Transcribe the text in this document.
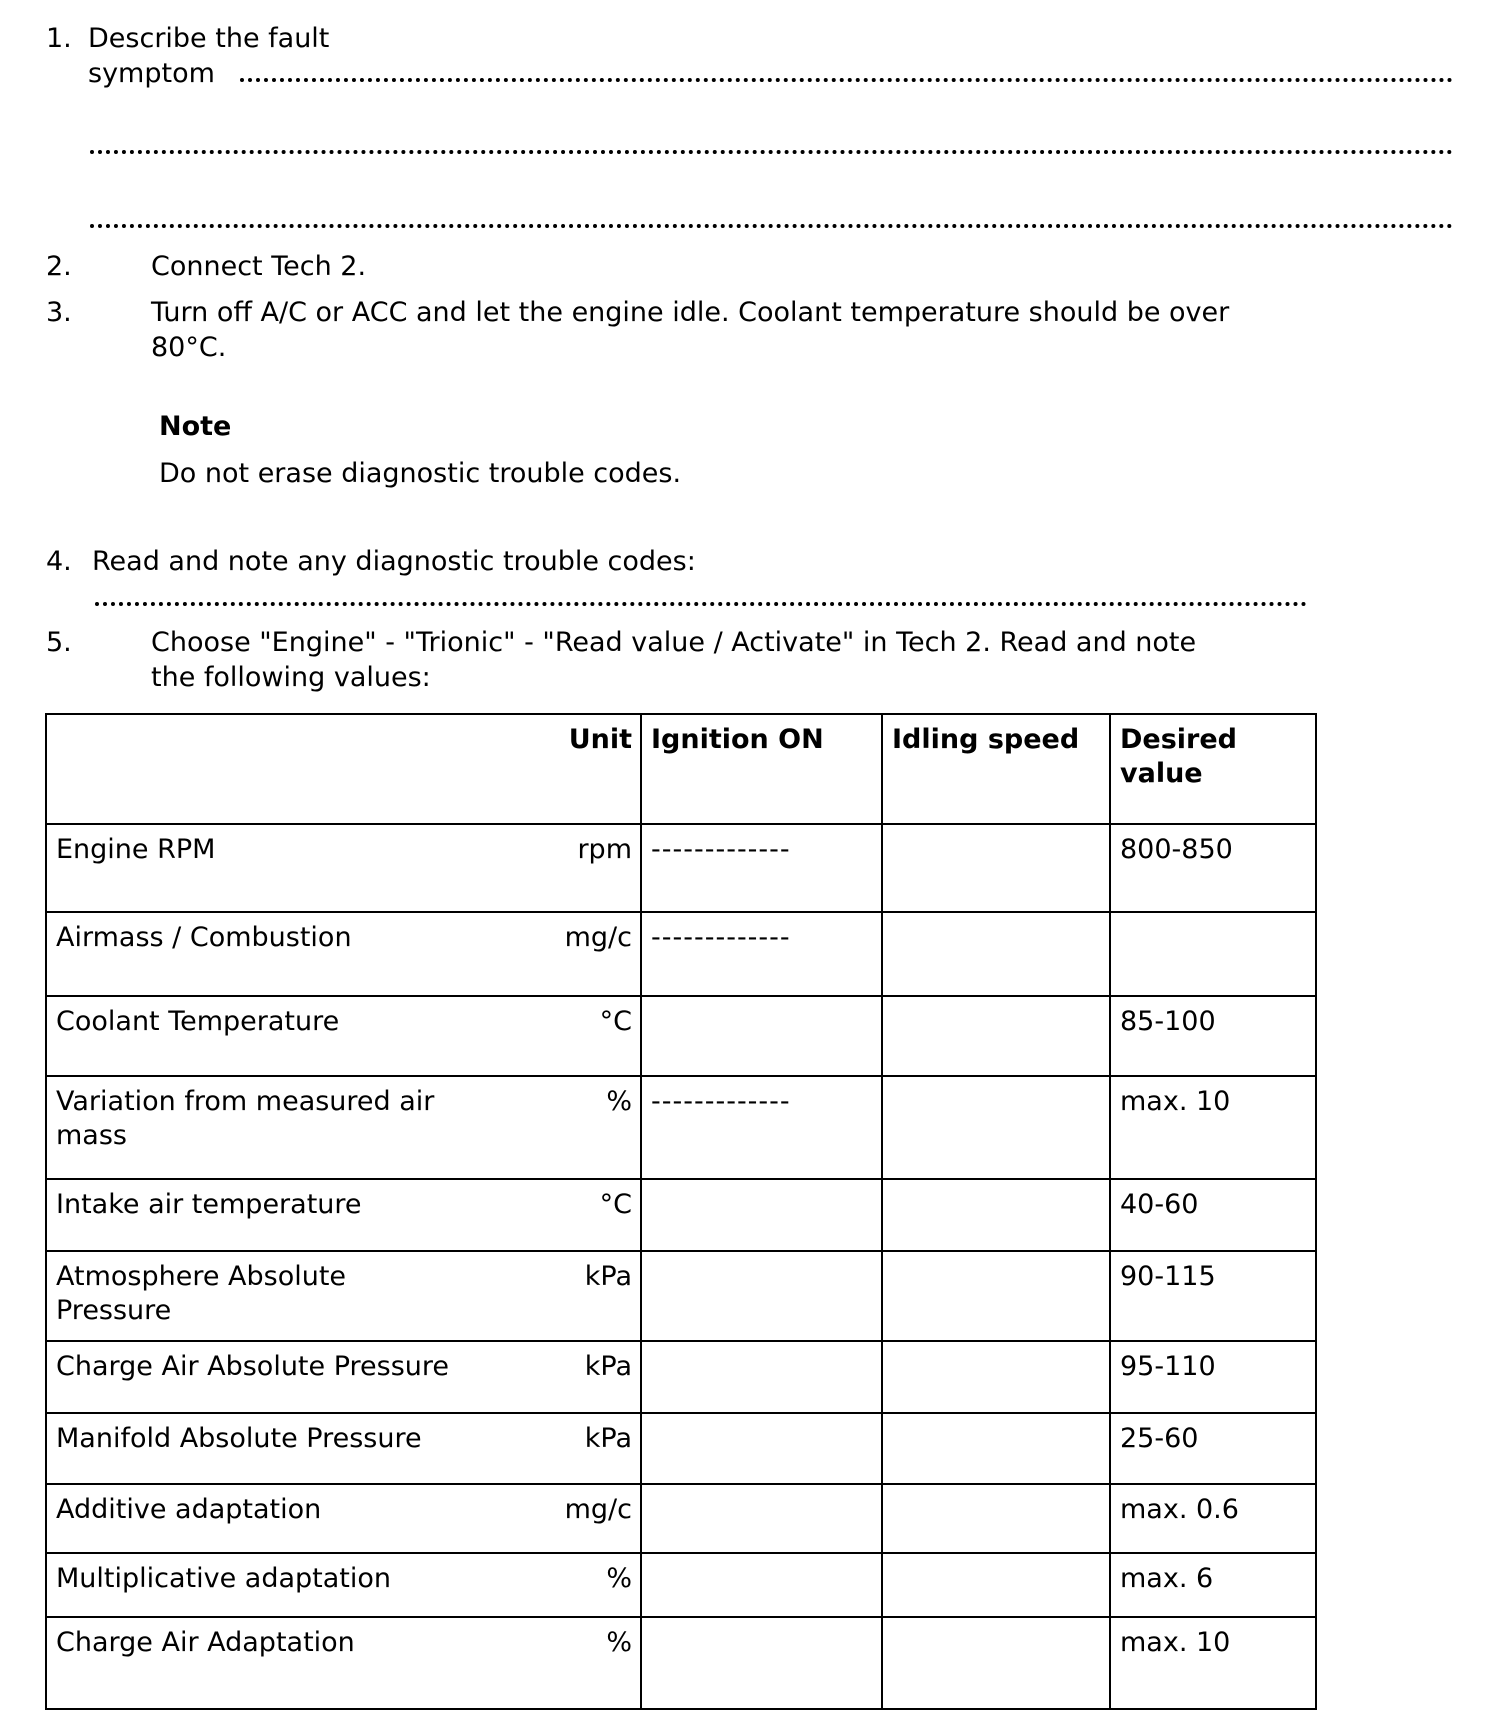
1. Describe the fault
symptom
2.	Connect Tech 2.
3.	Turn off A/C or ACC and let the engine idle. Coolant temperature should be over
80°C.
Note
Do not erase diagnostic trouble codes.
4. Read and note any diagnostic trouble codes:
5.	Choose "Engine" - "Trionic" - "Read value / Activate" in Tech 2. Read and note
the following values:
Unit	Ignition ON	Idling speed	Desired
value

Engine RPM rpm	-------------		800-850

Airmass / Combustion mg/c	-------------		

Coolant Temperature °C			85-100

Variation from measured air
mass
%	-------------		max. 10

Intake air temperature °C			40-60

Atmosphere Absolute
Pressure
kPa			90-115

Charge Air Absolute Pressure kPa			95-110

Manifold Absolute Pressure kPa			25-60

Additive adaptation mg/c			max. 0.6

Multiplicative adaptation %			max. 6

Charge Air Adaptation %			max. 10
